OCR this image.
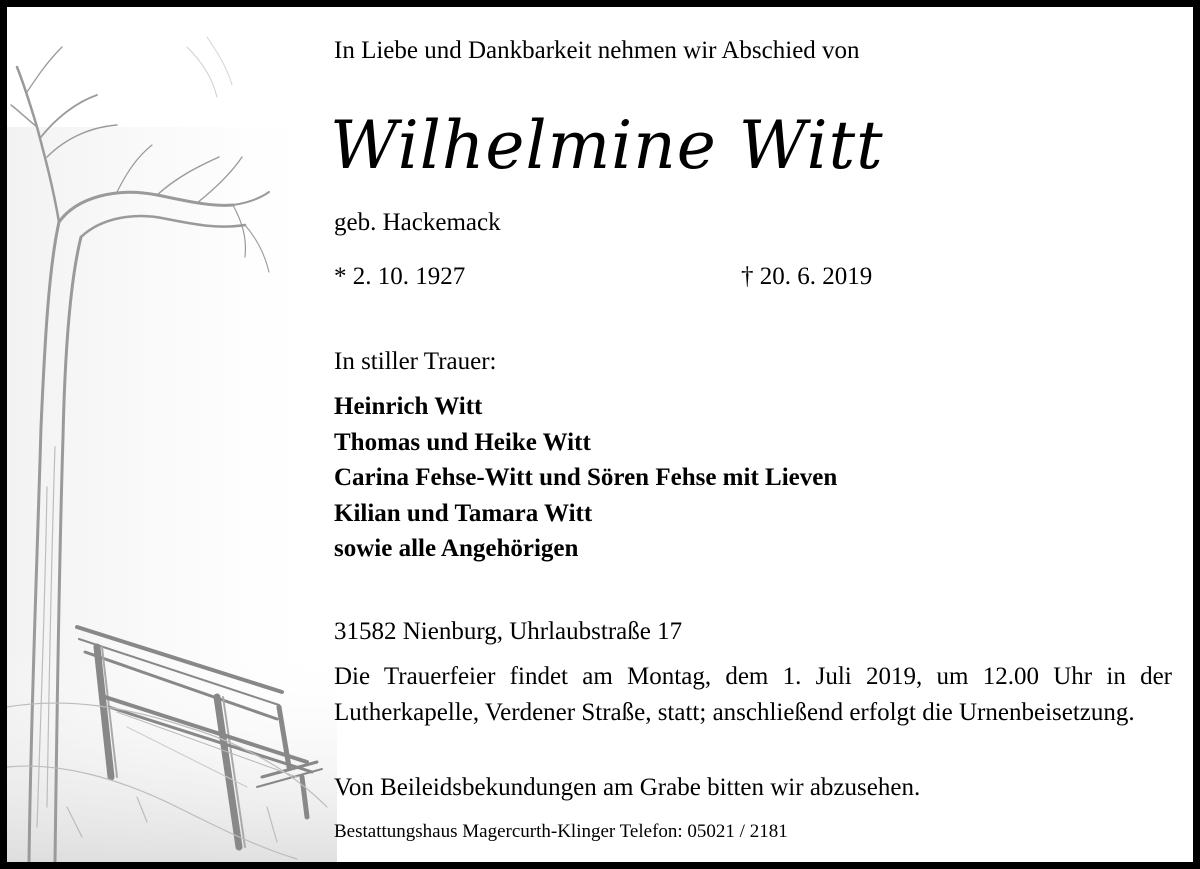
In Liebe und Dankbarkeit nehmen wir Abschied von
Wilhelmine Witt
geb. Hackemack
* 2. 10. 1927	† 20. 6. 2019
In stiller Trauer:
Heinrich Witt
Thomas und Heike Witt
Carina Fehse-Witt und Sören Fehse mit Lieven
Kilian und Tamara Witt
sowie alle Angehörigen
31582 Nienburg, Uhrlaubstraße 17
Die Trauerfeier findet am Montag, dem 1. Juli 2019, um 12.00 Uhr in der Lutherkapelle, Verdener Straße, statt; anschließend erfolgt die Urnenbeisetzung.
Von Beileidsbekundungen am Grabe bitten wir abzusehen.
Bestattungshaus Magercurth-Klinger Telefon: 05021 / 2181
